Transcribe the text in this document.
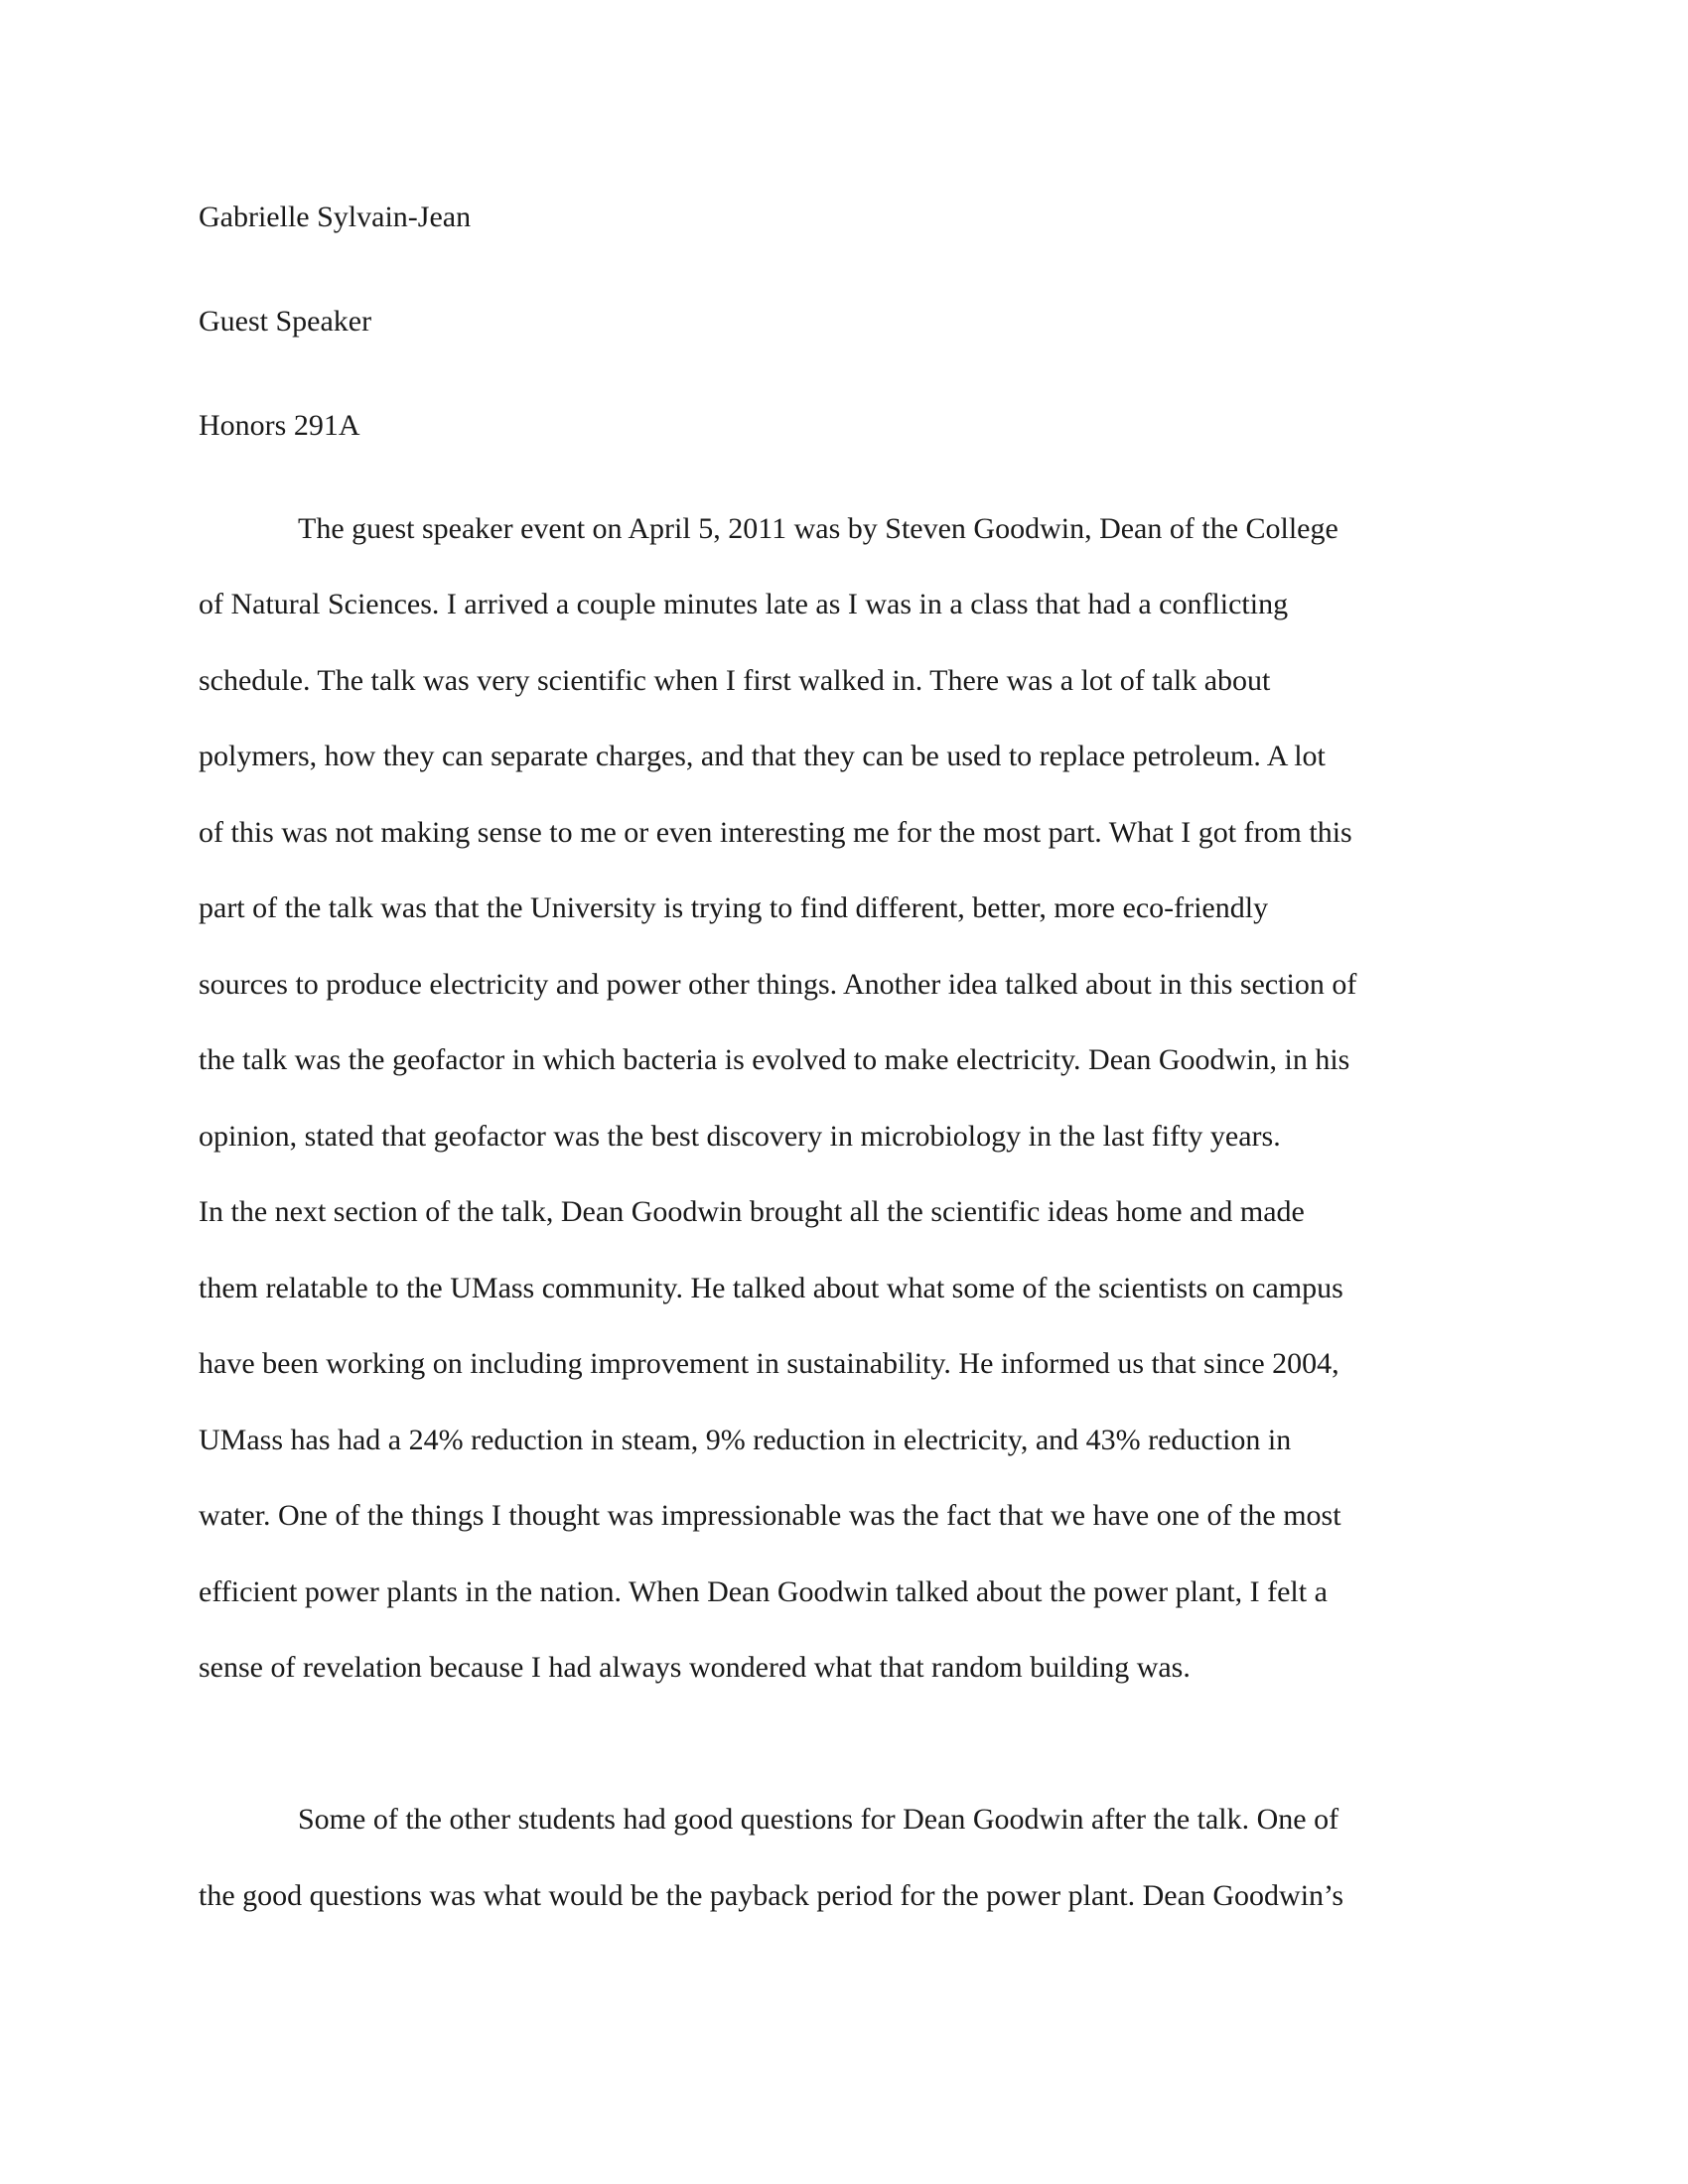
Gabrielle Sylvain-Jean
Guest Speaker
Honors 291A
The guest speaker event on April 5, 2011 was by Steven Goodwin, Dean of the College
of Natural Sciences. I arrived a couple minutes late as I was in a class that had a conflicting
schedule. The talk was very scientific when I first walked in. There was a lot of talk about
polymers, how they can separate charges, and that they can be used to replace petroleum. A lot
of this was not making sense to me or even interesting me for the most part. What I got from this
part of the talk was that the University is trying to find different, better, more eco-friendly
sources to produce electricity and power other things. Another idea talked about in this section of
the talk was the geofactor in which bacteria is evolved to make electricity. Dean Goodwin, in his
opinion, stated that geofactor was the best discovery in microbiology in the last fifty years.
In the next section of the talk, Dean Goodwin brought all the scientific ideas home and made
them relatable to the UMass community. He talked about what some of the scientists on campus
have been working on including improvement in sustainability. He informed us that since 2004,
UMass has had a 24% reduction in steam, 9% reduction in electricity, and 43% reduction in
water. One of the things I thought was impressionable was the fact that we have one of the most
efficient power plants in the nation. When Dean Goodwin talked about the power plant, I felt a
sense of revelation because I had always wondered what that random building was.
Some of the other students had good questions for Dean Goodwin after the talk. One of
the good questions was what would be the payback period for the power plant. Dean Goodwin’s
